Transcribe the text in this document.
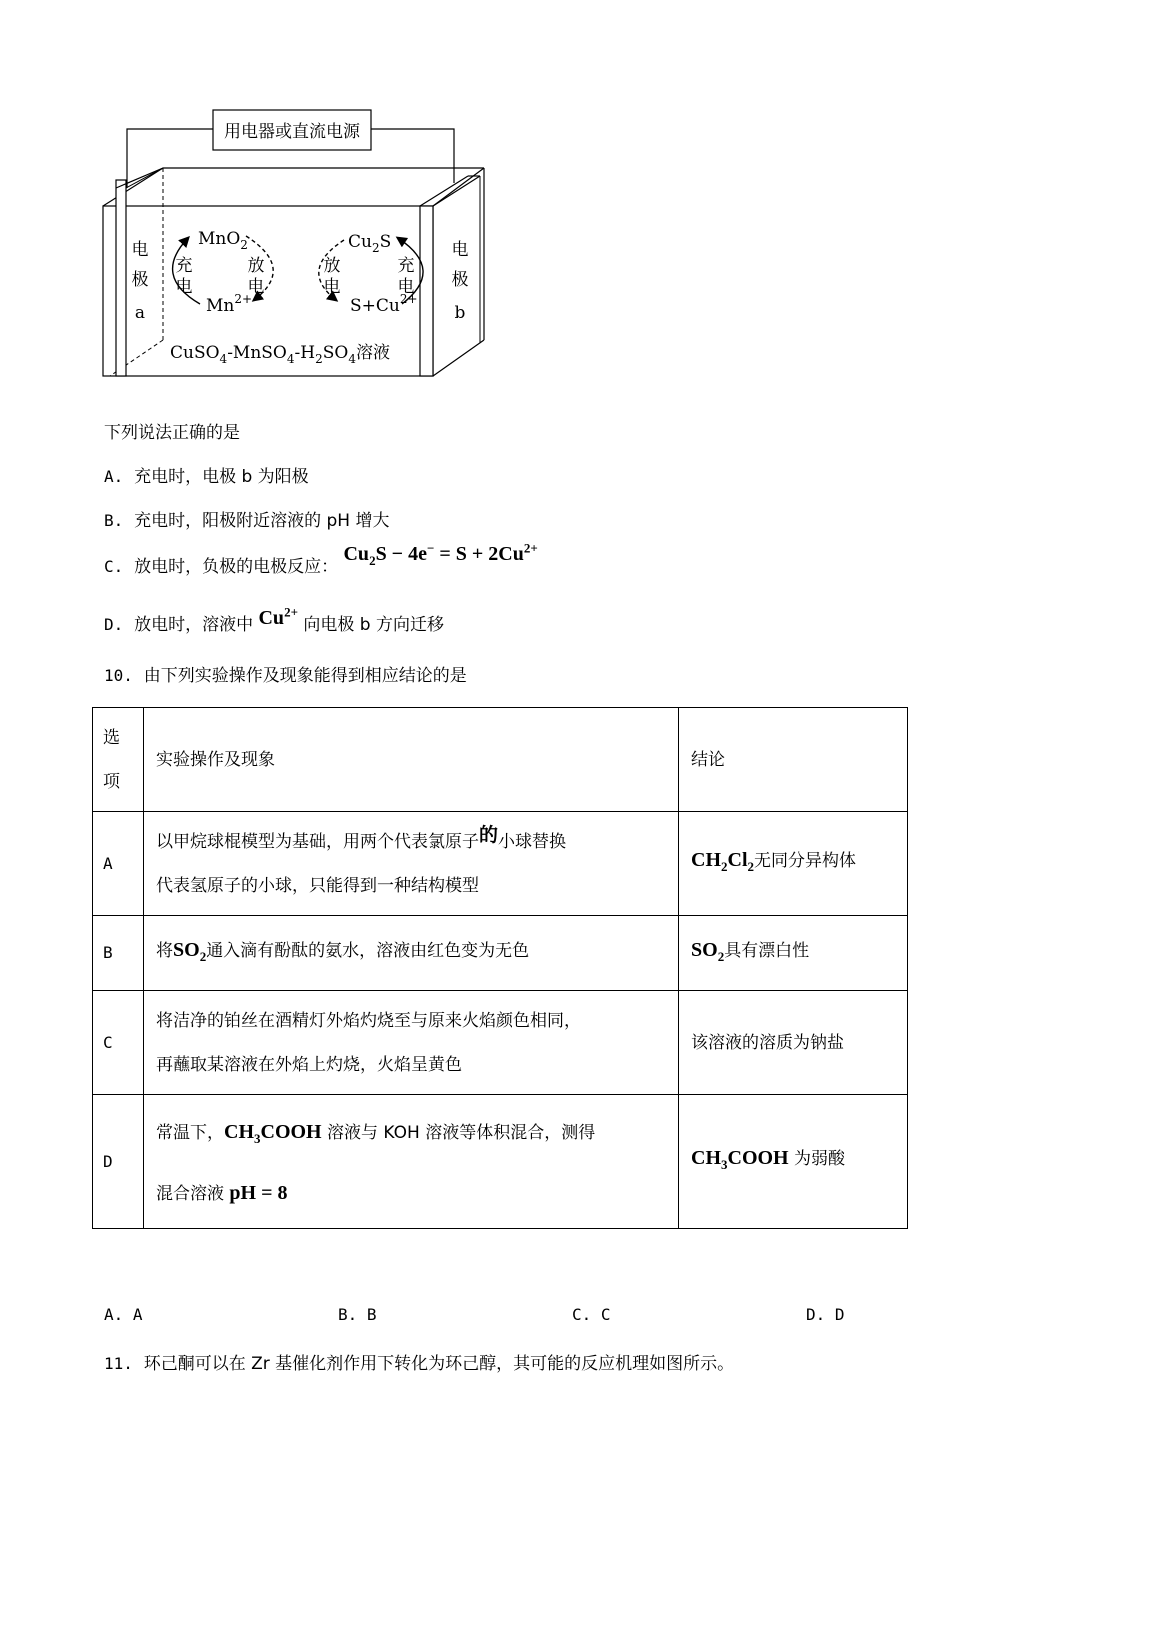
用电器或直流电源
电
极
a
电
极
b
MnO$_2$
$Mn^{2+}$
充
电
放
电
$Cu_2S$
$S+Cu^{2+}$
放
电
充
电
$CuSO_4-MnSO_4-H_2SO_4$溶液
下列说法正确的是
A. 充电时，电极 b 为阳极
B. 充电时，阳极附近溶液的 pH 增大
C. 放电时，负极的电极反应： $Cu_2S - 4e^- = S + 2Cu^{2+}$
D. 放电时，溶液中 $Cu^{2+}$ 向电极 b 方向迁移
10. 由下列实验操作及现象能得到相应结论的是
选
项	实验操作及现象	结论
A	以甲烷球棍模型为基础，用两个代表氯原子的小球替换
代表氢原子的小球，只能得到一种结构模型	$CH_2Cl_2$无同分异构体
B	将$SO_2$通入滴有酚酞的氨水，溶液由红色变为无色	$SO_2$具有漂白性
C	将洁净的铂丝在酒精灯外焰灼烧至与原来火焰颜色相同，
再蘸取某溶液在外焰上灼烧，火焰呈黄色	该溶液的溶质为钠盐
D	常温下，$CH_3COOH$ 溶液与 KOH 溶液等体积混合，测得
混合溶液 pH = 8	$CH_3COOH$ 为弱酸
A. A	B. B	C. C	D. D
11. 环己酮可以在 Zr 基催化剂作用下转化为环己醇，其可能的反应机理如图所示。
